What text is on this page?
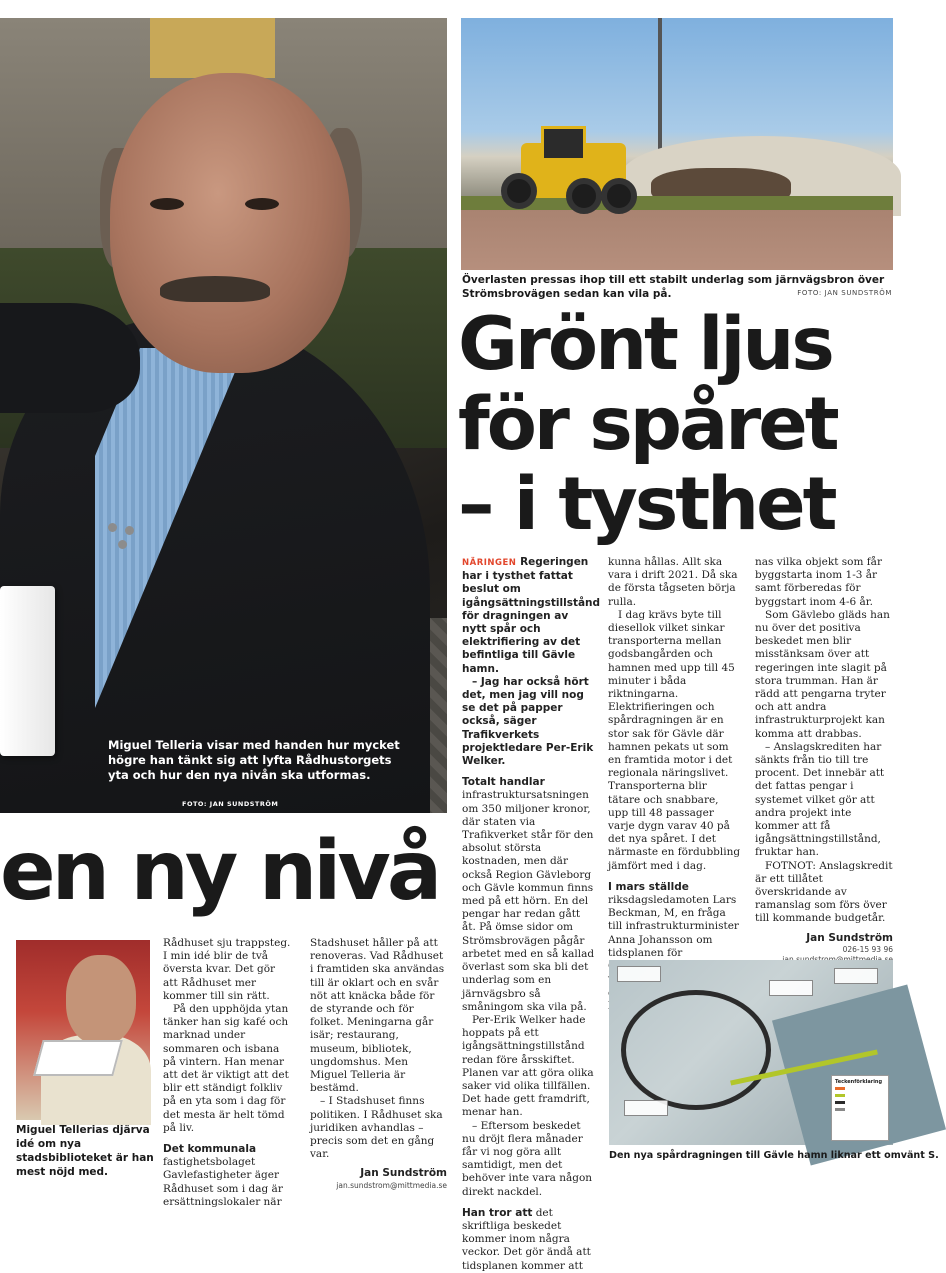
Miguel Telleria visar med handen hur mycket högre han tänkt sig att lyfta Rådhustorgets yta och hur den nya nivån ska utformas.
FOTO: JAN SUNDSTRÖM
Överlasten pressas ihop till ett stabilt underlag som järnvägsbron över Strömsbrovägen sedan kan vila på.	FOTO: JAN SUNDSTRÖM
Grönt ljus
för spåret
– i tysthet
en ny nivå

NÄRINGEN Regeringen har i tysthet fattat beslut om igångsättningstillstånd för dragningen av nytt spår och elektrifiering av det befintliga till Gävle hamn.

– Jag har också hört det, men jag vill nog se det på papper också, säger Trafikverkets projektledare Per-Erik Welker.

Totalt handlar infrastruktursatsningen om 350 miljoner kronor, där staten via Trafikverket står för den absolut största kostnaden, men där också Region Gävleborg och Gävle kommun finns med på ett hörn. En del pengar har redan gått åt. På ömse sidor om Strömsbrovägen pågår arbetet med en så kallad överlast som ska bli det underlag som en järnvägsbro så småningom ska vila på.

Per-Erik Welker hade hoppats på ett igångsättningstillstånd redan före årsskiftet. Planen var att göra olika saker vid olika tillfällen. Det hade gett framdrift, menar han.

– Eftersom beskedet nu dröjt flera månader får vi nog göra allt samtidigt, men det behöver inte vara någon direkt nackdel.

Han tror att det skriftliga beskedet kommer inom några veckor. Det gör ändå att tidsplanen kommer att

kunna hållas. Allt ska vara i drift 2021. Då ska de första tågseten börja rulla.

I dag krävs byte till diesellok vilket sinkar transporterna mellan godsbangården och hamnen med upp till 45 minuter i båda riktningarna. Elektrifieringen och spårdragningen är en stor sak för Gävle där hamnen pekats ut som en framtida motor i det regionala näringslivet. Transporterna blir tätare och snabbare, upp till 48 passager varje dygn varav 40 på det nya spåret. I det närmaste en fördubbling jämfört med i dag.

I mars ställde riksdagsledamoten Lars Beckman, M, en fråga till infrastrukturminister Anna Johansson om tidsplanen för

nas vilka objekt som får byggstarta inom 1-3 år samt förberedas för byggstart inom 4-6 år.

Som Gävlebo gläds han nu över det positiva beskedet men blir misstänksam över att regeringen inte slagit på stora trumman. Han är rädd att pengarna tryter och att andra infrastrukturprojekt kan komma att drabbas.

– Anslagskrediten har sänkts från tio till tre procent. Det innebär att det fattas pengar i systemet vilket gör att andra projekt inte kommer att få igångsättningstillstånd, fruktar han.

FOTNOT: Anslagskredit är ett tillåtet överskridande av ramanslag som förs över till kommande budgetår.

Jan Sundström
026-15 93 96
Teckenförklaring
Den nya spårdragningen till Gävle hamn liknar ett omvänt S.
Miguel Tellerias djärva idé om nya stadsbiblioteket är han mest nöjd med.

Rådhuset sju trappsteg. I min idé blir de två översta kvar. Det gör att Rådhuset mer kommer till sin rätt.

På den upphöjda ytan tänker han sig kafé och marknad under sommaren och isbana på vintern. Han menar att det är viktigt att det blir ett ständigt folkliv på en yta som i dag för det mesta är helt tömd på liv.

Det kommunala fastighetsbolaget Gavlefastigheter äger Rådhuset som i dag är ersättningslokaler när

Stadshuset håller på att renoveras. Vad Rådhuset i framtiden ska användas till är oklart och en svår nöt att knäcka både för de styrande och för folket. Meningarna går isär; restaurang, museum, bibliotek, ungdomshus. Men Miguel Telleria är bestämd.

– I Stadshuset finns politiken. I Rådhuset ska juridiken avhandlas – precis som det en gång var.

Jan Sundström
jan.sundstrom@mittmedia.se
